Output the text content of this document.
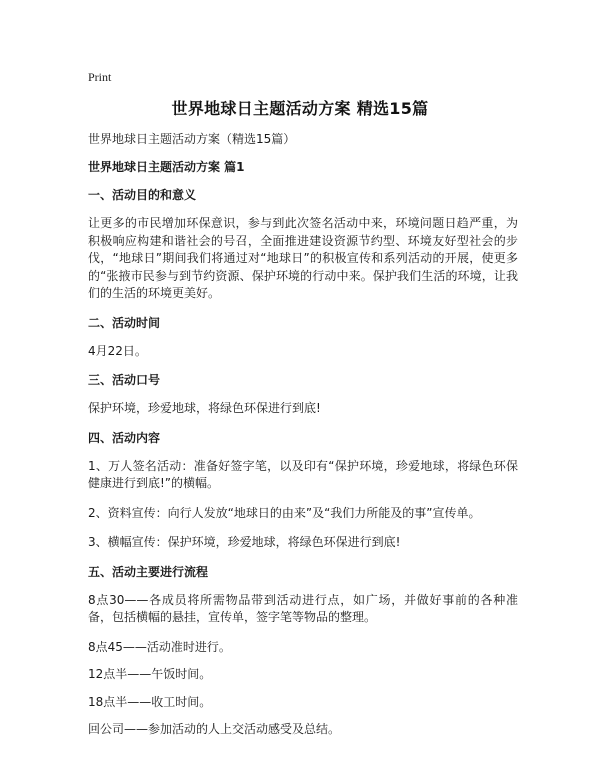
Print
世界地球日主题活动方案 精选15篇

世界地球日主题活动方案（精选15篇）

世界地球日主题活动方案 篇1

一、活动目的和意义

让更多的市民增加环保意识，参与到此次签名活动中来，环境问题日趋严重，为积极响应构建和谐社会的号召，全面推进建设资源节约型、环境友好型社会的步伐，“地球日”期间我们将通过对“地球日”的积极宣传和系列活动的开展，使更多的“张掖市民参与到节约资源、保护环境的行动中来。保护我们生活的环境，让我们的生活的环境更美好。

二、活动时间

4月22日。

三、活动口号

保护环境，珍爱地球，将绿色环保进行到底!

四、活动内容

1、万人签名活动：准备好签字笔，以及印有“保护环境，珍爱地球，将绿色环保健康进行到底!”的横幅。

2、资料宣传：向行人发放“地球日的由来”及“我们力所能及的事”宣传单。

3、横幅宣传：保护环境，珍爱地球，将绿色环保进行到底!

五、活动主要进行流程

8点30——各成员将所需物品带到活动进行点，如广场，并做好事前的各种准备，包括横幅的悬挂，宣传单，签字笔等物品的整理。

8点45——活动准时进行。

12点半——午饭时间。

18点半——收工时间。

回公司——参加活动的人上交活动感受及总结。
